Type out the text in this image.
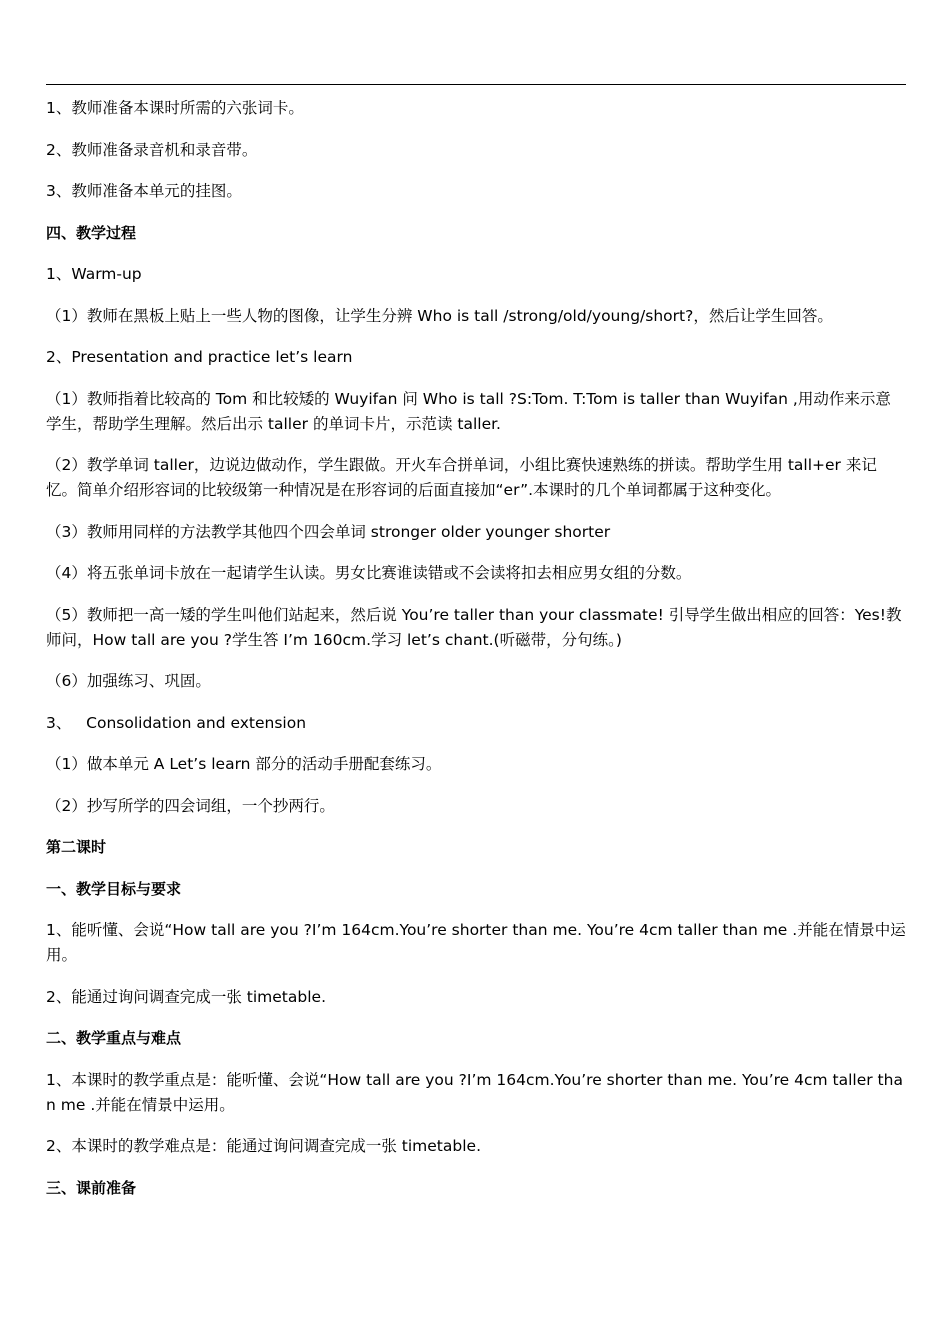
1、教师准备本课时所需的六张词卡。

2、教师准备录音机和录音带。

3、教师准备本单元的挂图。

四、教学过程

1、Warm-up

（1）教师在黑板上贴上一些人物的图像，让学生分辨 Who is tall /strong/old/young/short?，然后让学生回答。

2、Presentation and practice let’s learn

（1）教师指着比较高的 Tom 和比较矮的 Wuyifan 问 Who is tall ?S:Tom. T:Tom is taller than Wuyifan ,用动作来示意学生，帮助学生理解。然后出示 taller 的单词卡片，示范读 taller.

（2）教学单词 taller，边说边做动作，学生跟做。开火车合拼单词，小组比赛快速熟练的拼读。帮助学生用 tall+er 来记忆。简单介绍形容词的比较级第一种情况是在形容词的后面直接加“er”.本课时的几个单词都属于这种变化。

（3）教师用同样的方法教学其他四个四会单词 stronger older younger shorter

（4）将五张单词卡放在一起请学生认读。男女比赛谁读错或不会读将扣去相应男女组的分数。

（5）教师把一高一矮的学生叫他们站起来，然后说 You’re taller than your classmate! 引导学生做出相应的回答：Yes!教师问，How tall are you ?学生答 I’m 160cm.学习 let’s chant.(听磁带，分句练。)

（6）加强练习、巩固。

3、   Consolidation and extension

（1）做本单元 A Let’s learn 部分的活动手册配套练习。

（2）抄写所学的四会词组，一个抄两行。

第二课时

一、教学目标与要求

1、能听懂、会说“How tall are you ?I’m 164cm.You’re shorter than me. You’re 4cm taller than me .并能在情景中运用。

2、能通过询问调查完成一张 timetable.

二、教学重点与难点

1、本课时的教学重点是：能听懂、会说“How tall are you ?I’m 164cm.You’re shorter than me. You’re 4cm taller than me .并能在情景中运用。

2、本课时的教学难点是：能通过询问调查完成一张 timetable.

三、课前准备
